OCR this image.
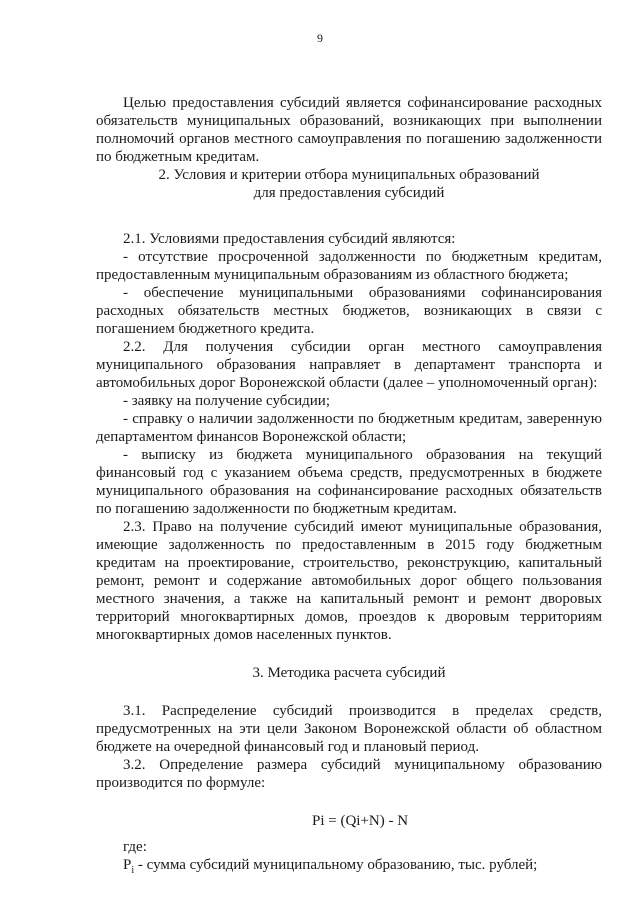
9

Целью предоставления субсидий является софинансирование расходных обязательств муниципальных образований, возникающих при выполнении полномочий органов местного самоуправления по погашению задолженности по бюджетным кредитам.

2. Условия и критерии отбора муниципальных образований

для предоставления субсидий

2.1. Условиями предоставления субсидий являются:

- отсутствие просроченной задолженности по бюджетным кредитам, предоставленным муниципальным образованиям из областного бюджета;

- обеспечение муниципальными образованиями софинансирования расходных обязательств местных бюджетов, возникающих в связи с погашением бюджетного кредита.

2.2. Для получения субсидии орган местного самоуправления муниципального образования направляет в департамент транспорта и автомобильных дорог Воронежской области (далее – уполномоченный орган):

- заявку на получение субсидии;

- справку о наличии задолженности по бюджетным кредитам, заверенную департаментом финансов Воронежской области;

- выписку из бюджета муниципального образования на текущий финансовый год с указанием объема средств, предусмотренных в бюджете муниципального образования на софинансирование расходных обязательств по погашению задолженности по бюджетным кредитам.

2.3. Право на получение субсидий имеют муниципальные образования, имеющие задолженность по предоставленным в 2015 году бюджетным кредитам на проектирование, строительство, реконструкцию, капитальный ремонт, ремонт и содержание автомобильных дорог общего пользования местного значения, а также на капитальный ремонт и ремонт дворовых территорий многоквартирных домов, проездов к дворовым территориям многоквартирных домов населенных пунктов.

3. Методика расчета субсидий

3.1. Распределение субсидий производится в пределах средств, предусмотренных на эти цели Законом Воронежской области об областном бюджете на очередной финансовый год и плановый период.

3.2. Определение размера субсидий муниципальному образованию производится по формуле:

Pi = (Qi+N) - N

где:

$P_i$ - сумма субсидий муниципальному образованию, тыс. рублей;
